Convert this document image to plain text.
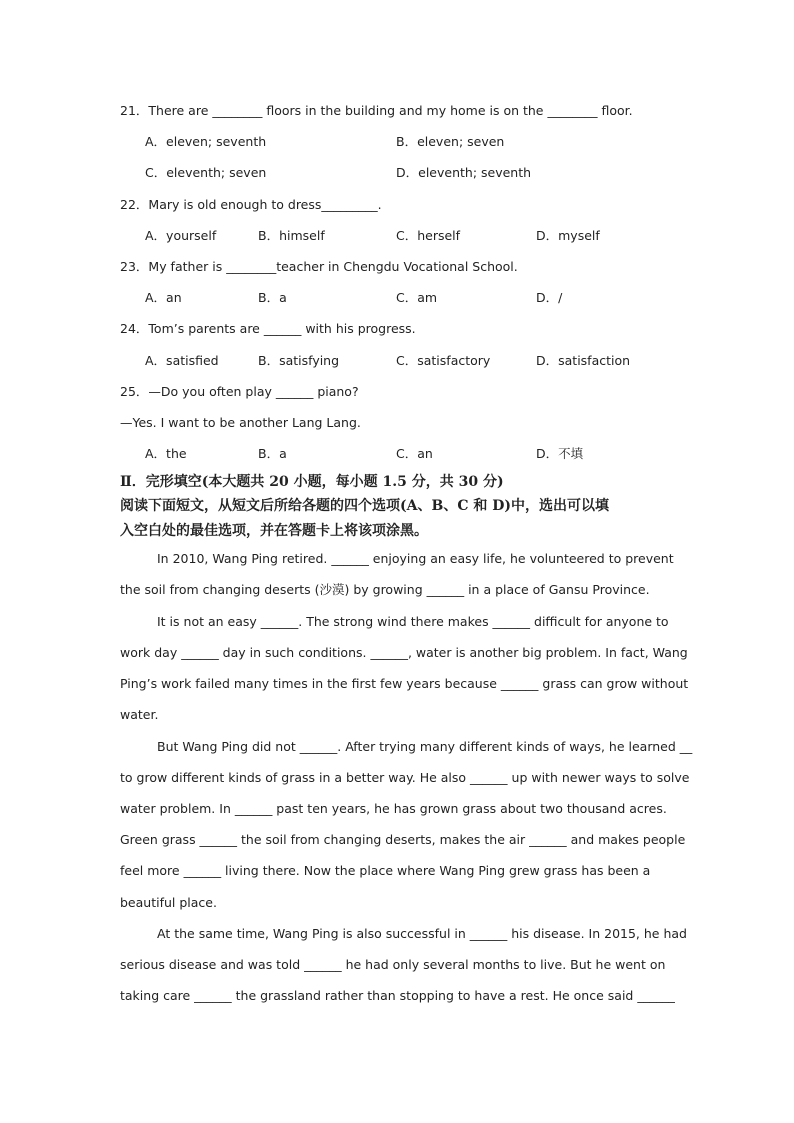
21．There are ________ floors in the building and my home is on the ________ floor.
A．eleven; seventh	B．eleven; seven
C．eleventh; seven	D．eleventh; seventh
22．Mary is old enough to dress_________.
A．yourself	B．himself	C．herself	D．myself
23．My father is ________teacher in Chengdu Vocational School.
A．an	B．a	C．am	D．/
24．Tom’s parents are ______ with his progress.
A．satisfied	B．satisfying	C．satisfactory	D．satisfaction
25．—Do you often play ______ piano?
—Yes. I want to be another Lang Lang.
A．the	B．a	C．an	D．不填
Ⅱ．完形填空(本大题共 20 小题，每小题 1.5 分，共 30 分)
阅读下面短文，从短文后所给各题的四个选项(A、B、C 和 D)中，选出可以填
入空白处的最佳选项，并在答题卡上将该项涂黑。
In 2010, Wang Ping retired. ______ enjoying an easy life, he volunteered to prevent
the soil from changing deserts (沙漠) by growing ______ in a place of Gansu Province.
It is not an easy ______. The strong wind there makes ______ difficult for anyone to
work day ______ day in such conditions. ______, water is another big problem. In fact, Wang
Ping’s work failed many times in the first few years because ______ grass can grow without
water.
But Wang Ping did not ______. After trying many different kinds of ways, he learned __
to grow different kinds of grass in a better way. He also ______ up with newer ways to solve
water problem. In ______ past ten years, he has grown grass about two thousand acres.
Green grass ______ the soil from changing deserts, makes the air ______ and makes people
feel more ______ living there. Now the place where Wang Ping grew grass has been a
beautiful place.
At the same time, Wang Ping is also successful in ______ his disease. In 2015, he had
serious disease and was told ______ he had only several months to live. But he went on
taking care ______ the grassland rather than stopping to have a rest. He once said ______
